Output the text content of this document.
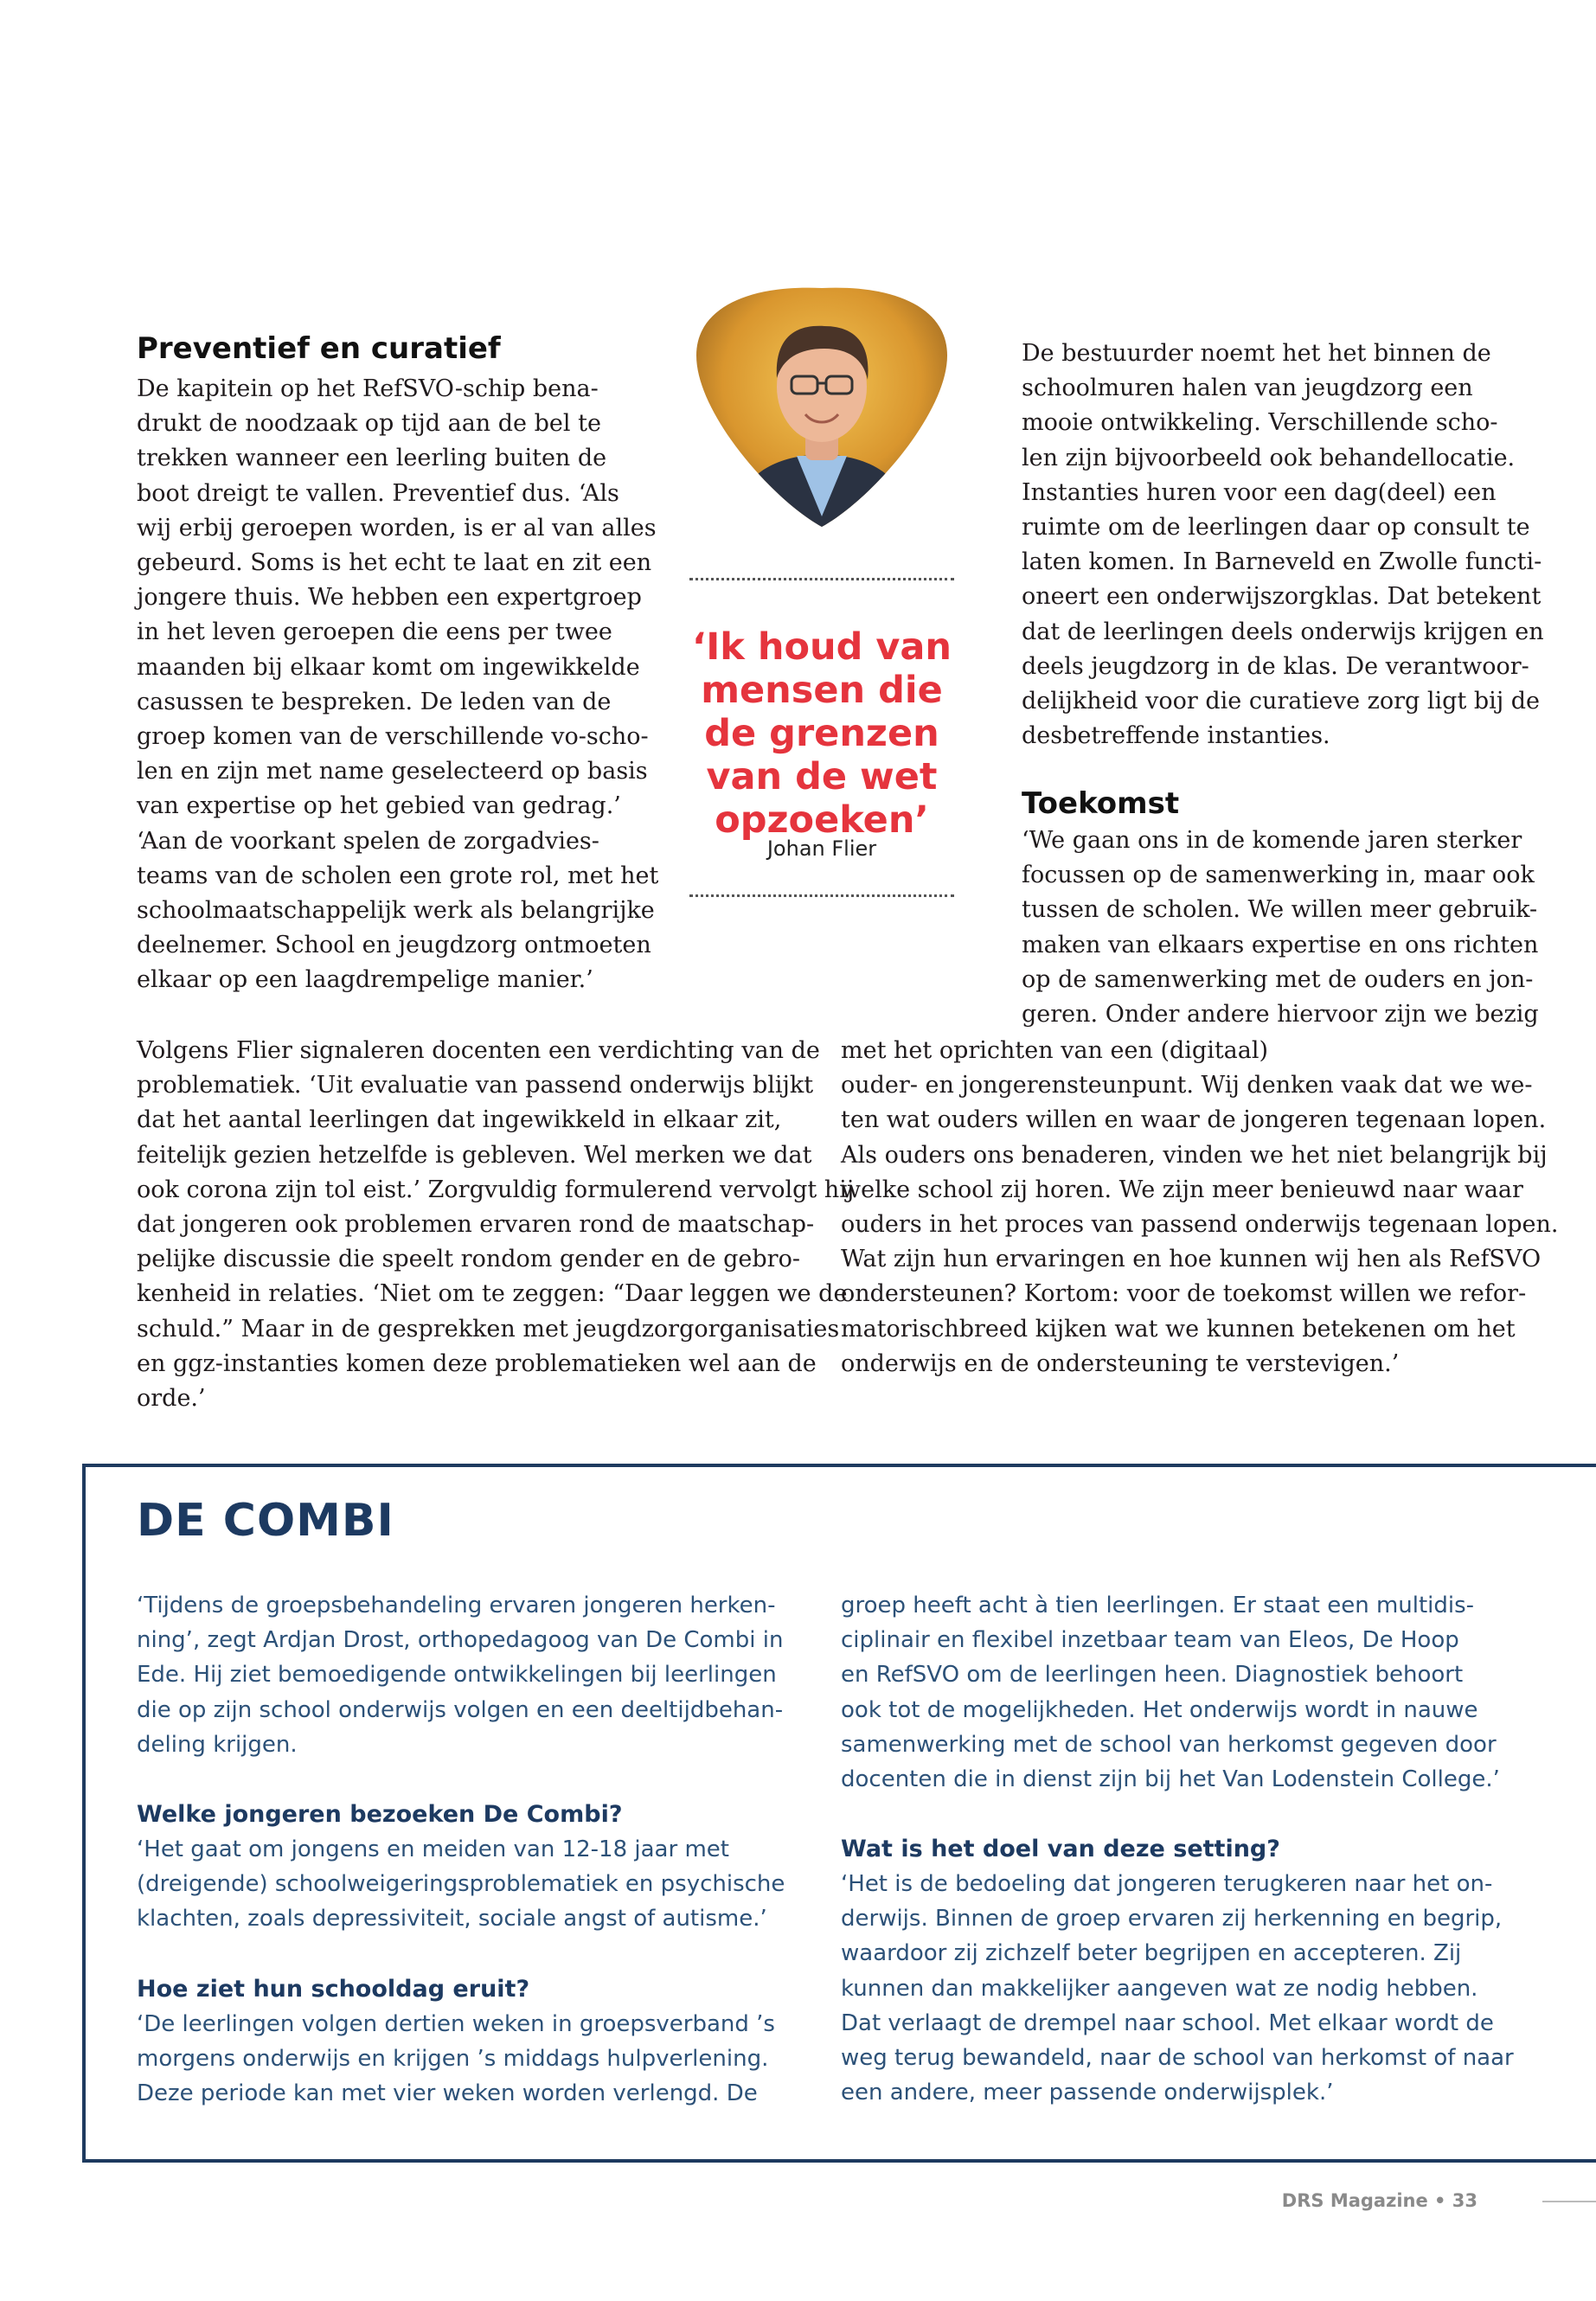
Preventief en curatief

De kapitein op het RefSVO-schip bena-
drukt de noodzaak op tijd aan de bel te
trekken wanneer een leerling buiten de
boot dreigt te vallen. Preventief dus. ‘Als
wij erbij geroepen worden, is er al van alles
gebeurd. Soms is het echt te laat en zit een
jongere thuis. We hebben een expertgroep
in het leven geroepen die eens per twee
maanden bij elkaar komt om ingewikkelde
casussen te bespreken. De leden van de
groep komen van de verschillende vo-scho-
len en zijn met name geselecteerd op basis
van expertise op het gebied van gedrag.’
‘Aan de voorkant spelen de zorgadvies-
teams van de scholen een grote rol, met het
schoolmaatschappelijk werk als belangrijke
deelnemer. School en jeugdzorg ontmoeten
elkaar op een laagdrempelige manier.’

‘Ik houd van mensen die de grenzen van de wet opzoeken’

Johan Flier

De bestuurder noemt het het binnen de
schoolmuren halen van jeugdzorg een
mooie ontwikkeling. Verschillende scho-
len zijn bijvoorbeeld ook behandellocatie.
Instanties huren voor een dag(deel) een
ruimte om de leerlingen daar op consult te
laten komen. In Barneveld en Zwolle functi-
oneert een onderwijszorgklas. Dat betekent
dat de leerlingen deels onderwijs krijgen en
deels jeugdzorg in de klas. De verantwoor-
delijkheid voor die curatieve zorg ligt bij de
desbetreffende instanties.

Toekomst

‘We gaan ons in de komende jaren sterker
focussen op de samenwerking in, maar ook
tussen de scholen. We willen meer gebruik-
maken van elkaars expertise en ons richten
op de samenwerking met de ouders en jon-
geren. Onder andere hiervoor zijn we bezig

Volgens Flier signaleren docenten een verdichting van de
problematiek. ‘Uit evaluatie van passend onderwijs blijkt
dat het aantal leerlingen dat ingewikkeld in elkaar zit,
feitelijk gezien hetzelfde is gebleven. Wel merken we dat
ook corona zijn tol eist.’ Zorgvuldig formulerend vervolgt hij
dat jongeren ook problemen ervaren rond de maatschap-
pelijke discussie die speelt rondom gender en de gebro-
kenheid in relaties. ‘Niet om te zeggen: “Daar leggen we de
schuld.” Maar in de gesprekken met jeugdzorgorganisaties
en ggz-instanties komen deze problematieken wel aan de
orde.’

met het oprichten van een (digitaal)
ouder- en jongerensteunpunt. Wij denken vaak dat we we-
ten wat ouders willen en waar de jongeren tegenaan lopen.
Als ouders ons benaderen, vinden we het niet belangrijk bij
welke school zij horen. We zijn meer benieuwd naar waar
ouders in het proces van passend onderwijs tegenaan lopen.
Wat zijn hun ervaringen en hoe kunnen wij hen als RefSVO
ondersteunen? Kortom: voor de toekomst willen we refor-
matorischbreed kijken wat we kunnen betekenen om het
onderwijs en de ondersteuning te verstevigen.’

DE COMBI

‘Tijdens de groepsbehandeling ervaren jongeren herken-
ning’, zegt Ardjan Drost, orthopedagoog van De Combi in
Ede. Hij ziet bemoedigende ontwikkelingen bij leerlingen
die op zijn school onderwijs volgen en een deeltijdbehan-
deling krijgen.

Welke jongeren bezoeken De Combi?

‘Het gaat om jongens en meiden van 12-18 jaar met
(dreigende) schoolweigeringsproblematiek en psychische
klachten, zoals depressiviteit, sociale angst of autisme.’

Hoe ziet hun schooldag eruit?

‘De leerlingen volgen dertien weken in groepsverband ’s
morgens onderwijs en krijgen ’s middags hulpverlening.
Deze periode kan met vier weken worden verlengd. De

groep heeft acht à tien leerlingen. Er staat een multidis-
ciplinair en flexibel inzetbaar team van Eleos, De Hoop
en RefSVO om de leerlingen heen. Diagnostiek behoort
ook tot de mogelijkheden. Het onderwijs wordt in nauwe
samenwerking met de school van herkomst gegeven door
docenten die in dienst zijn bij het Van Lodenstein College.’

Wat is het doel van deze setting?

‘Het is de bedoeling dat jongeren terugkeren naar het on-
derwijs. Binnen de groep ervaren zij herkenning en begrip,
waardoor zij zichzelf beter begrijpen en accepteren. Zij
kunnen dan makkelijker aangeven wat ze nodig hebben.
Dat verlaagt de drempel naar school. Met elkaar wordt de
weg terug bewandeld, naar de school van herkomst of naar
een andere, meer passende onderwijsplek.’

DRS Magazine • 33
